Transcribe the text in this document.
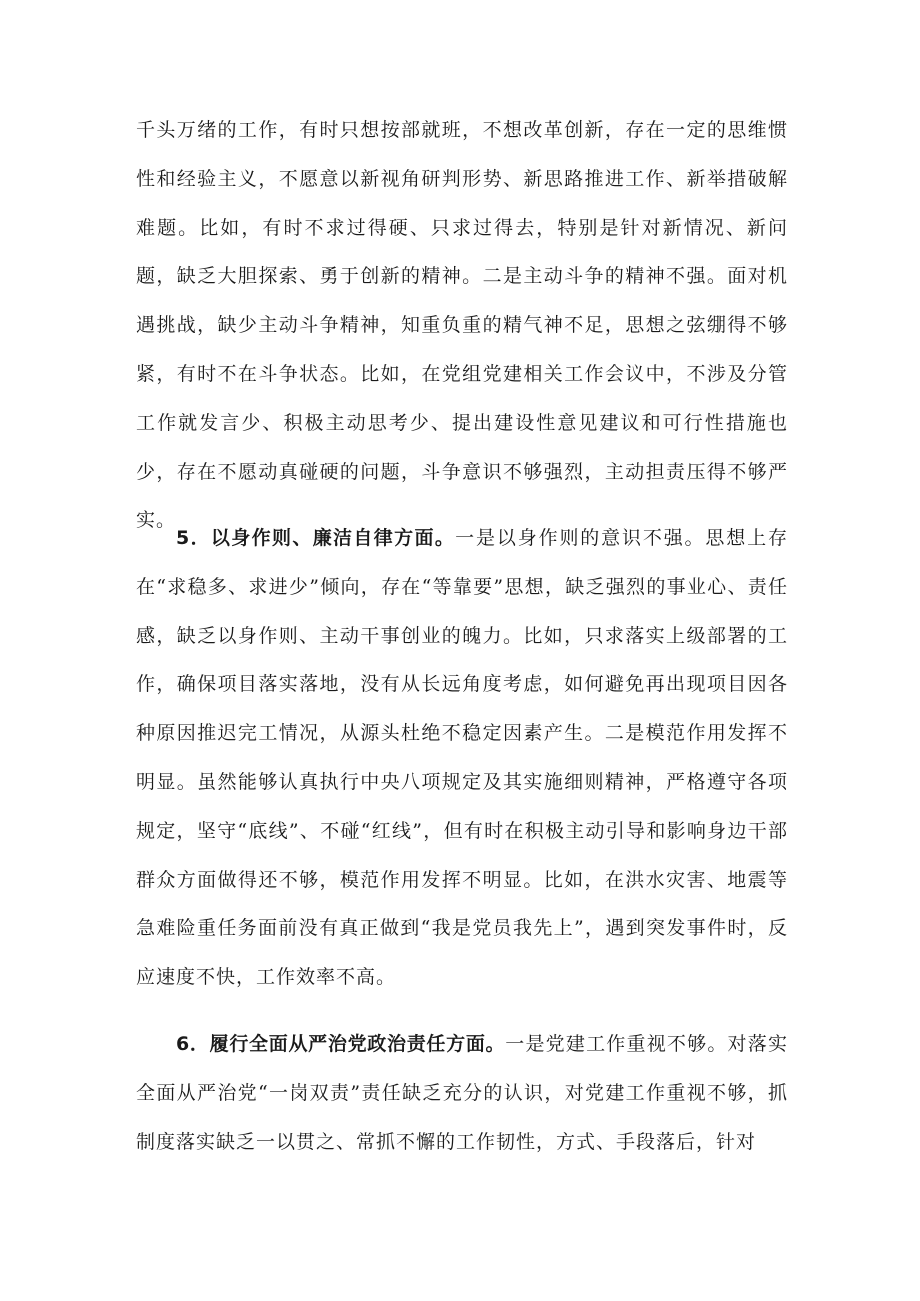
千头万绪的工作，有时只想按部就班，不想改革创新，存在一定的思维惯性和经验主义，不愿意以新视角研判形势、新思路推进工作、新举措破解难题。比如，有时不求过得硬、只求过得去，特别是针对新情况、新问题，缺乏大胆探索、勇于创新的精神。二是主动斗争的精神不强。面对机遇挑战，缺少主动斗争精神，知重负重的精气神不足，思想之弦绷得不够紧，有时不在斗争状态。比如，在党组党建相关工作会议中，不涉及分管工作就发言少、积极主动思考少、提出建设性意见建议和可行性措施也少，存在不愿动真碰硬的问题，斗争意识不够强烈，主动担责压得不够严实。

5．以身作则、廉洁自律方面。一是以身作则的意识不强。思想上存在“求稳多、求进少”倾向，存在“等靠要”思想，缺乏强烈的事业心、责任感，缺乏以身作则、主动干事创业的魄力。比如，只求落实上级部署的工作，确保项目落实落地，没有从长远角度考虑，如何避免再出现项目因各种原因推迟完工情况，从源头杜绝不稳定因素产生。二是模范作用发挥不明显。虽然能够认真执行中央八项规定及其实施细则精神，严格遵守各项规定，坚守“底线”、不碰“红线”，但有时在积极主动引导和影响身边干部群众方面做得还不够，模范作用发挥不明显。比如，在洪水灾害、地震等急难险重任务面前没有真正做到“我是党员我先上”，遇到突发事件时，反应速度不快，工作效率不高。

6．履行全面从严治党政治责任方面。一是党建工作重视不够。对落实全面从严治党“一岗双责”责任缺乏充分的认识，对党建工作重视不够，抓制度落实缺乏一以贯之、常抓不懈的工作韧性，方式、手段落后，针对
